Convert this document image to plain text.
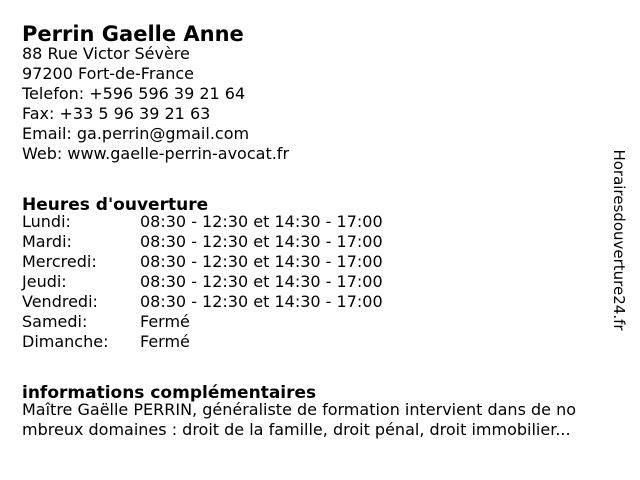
Perrin Gaelle Anne
88 Rue Victor Sévère
97200 Fort-de-France
Telefon: +596 596 39 21 64
Fax: +33 5 96 39 21 63
Email: ga.perrin@gmail.com
Web: www.gaelle-perrin-avocat.fr
Heures d'ouverture
Lundi:	08:30 - 12:30 et 14:30 - 17:00
Mardi:	08:30 - 12:30 et 14:30 - 17:00
Mercredi:	08:30 - 12:30 et 14:30 - 17:00
Jeudi:	08:30 - 12:30 et 14:30 - 17:00
Vendredi:	08:30 - 12:30 et 14:30 - 17:00
Samedi:	Fermé
Dimanche:	Fermé
informations complémentaires
Maître Gaëlle PERRIN, généraliste de formation intervient dans de no
mbreux domaines : droit de la famille, droit pénal, droit immobilier...
Horairesdouverture24.fr
